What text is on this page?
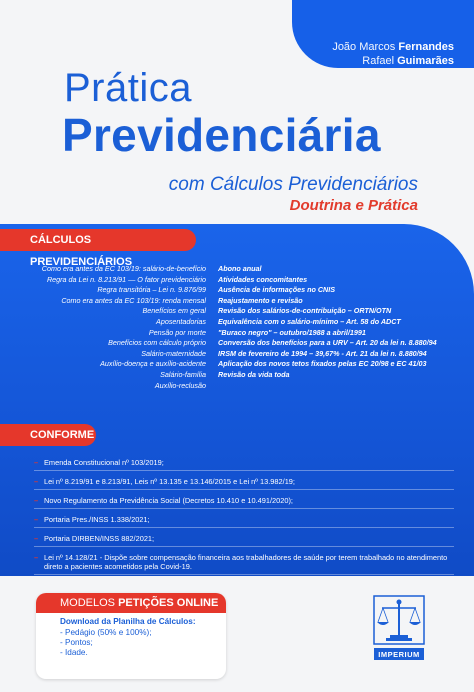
João Marcos Fernandes
Rafael Guimarães
Prática
Previdenciária
com Cálculos Previdenciários
Doutrina e Prática
CÁLCULOS PREVIDENCIÁRIOS
Como era antes da EC 103/19: salário-de-benefício
Regra da Lei n. 8.213/91 — O fator previdenciário
Regra transitória – Lei n. 9.876/99
Como era antes da EC 103/19: renda mensal
Benefícios em geral
Aposentadorias
Pensão por morte
Benefícios com cálculo próprio
Salário-maternidade
Auxílio-doença e auxílio-acidente
Salário-família
Auxílio-reclusão
Abono anual
Atividades concomitantes
Ausência de informações no CNIS
Reajustamento e revisão
Revisão dos salários-de-contribuição – ORTN/OTN
Equivalência com o salário-mínimo – Art. 58 do ADCT
"Buraco negro" – outubro/1988 a abril/1991
Conversão dos benefícios para a URV – Art. 20 da lei n. 8.880/94
IRSM de fevereiro de 1994 – 39,67% - Art. 21 da lei n. 8.880/94
Aplicação dos novos tetos fixados pelas EC 20/98 e EC 41/03
Revisão da vida toda
CONFORME
– Emenda Constitucional nº 103/2019;
– Lei nº 8.219/91 e 8.213/91, Leis nº 13.135 e 13.146/2015 e Lei nº 13.982/19;
– Novo Regulamento da Previdência Social (Decretos 10.410 e 10.491/2020);
– Portaria Pres./INSS 1.338/2021;
– Portaria DIRBEN/INSS 882/2021;
– Lei nº 14.128/21 - Dispõe sobre compensação financeira aos trabalhadores de saúde por terem trabalhado no atendimento direto a pacientes acometidos pela Covid-19.
MODELOS PETIÇÕES ONLINE
Download da Planilha de Cálculos:
- Pedágio (50% e 100%);
- Pontos;
- Idade.	IMPERIUM
